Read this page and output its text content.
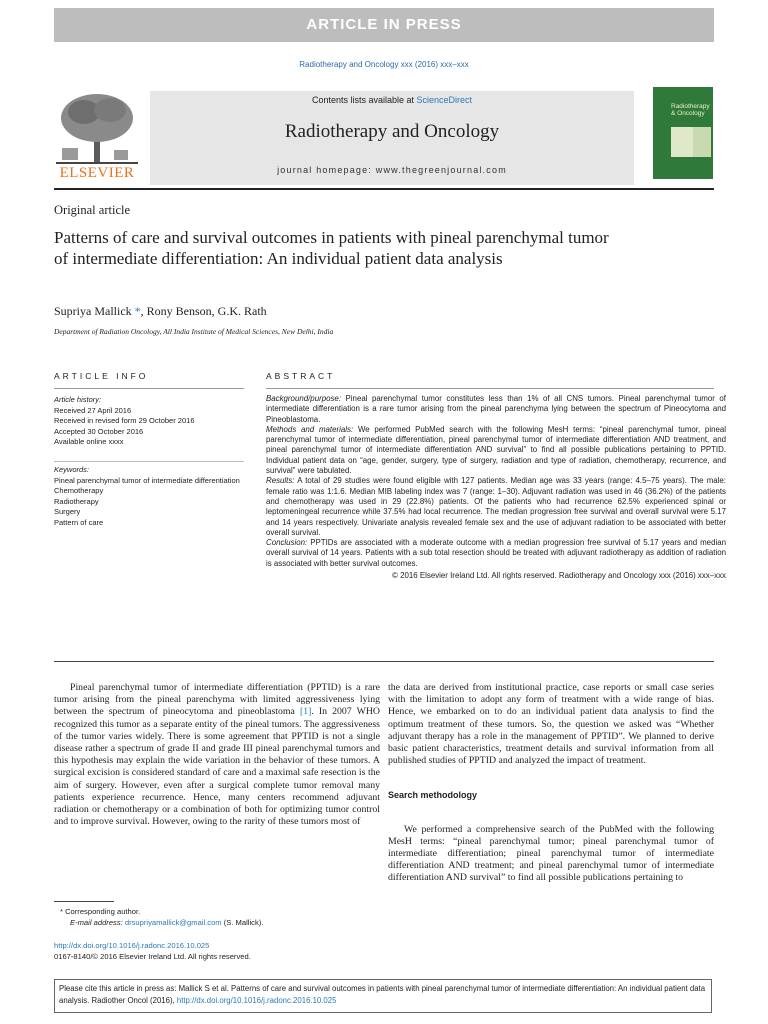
ARTICLE IN PRESS
Radiotherapy and Oncology xxx (2016) xxx–xxx
ELSEVIER
Contents lists available at ScienceDirect
Radiotherapy and Oncology
journal homepage: www.thegreenjournal.com
Radiotherapy & Oncology
Original article
Patterns of care and survival outcomes in patients with pineal parenchymal tumor of intermediate differentiation: An individual patient data analysis
Supriya Mallick *, Rony Benson, G.K. Rath
Department of Radiation Oncology, All India Institute of Medical Sciences, New Delhi, India
ARTICLE INFO	ABSTRACT
Article history:
Received 27 April 2016
Received in revised form 29 October 2016
Accepted 30 October 2016
Available online xxxx
Keywords:
Pineal parenchymal tumor of intermediate differentiation
Chemotherapy
Radiotherapy
Surgery
Pattern of care

Background/purpose: Pineal parenchymal tumor constitutes less than 1% of all CNS tumors. Pineal parenchymal tumor of intermediate differentiation is a rare tumor arising from the pineal parenchyma lying between the spectrum of Pineocytoma and Pineoblastoma.

Methods and materials: We performed PubMed search with the following MesH terms: “pineal parenchymal tumor, pineal parenchymal tumor of intermediate differentiation, pineal parenchymal tumor of intermediate differentiation AND treatment, and pineal parenchymal tumor of intermediate differentiation AND survival” to find all possible publications pertaining to PPTID. Individual patient data on “age, gender, surgery, type of surgery, radiation and type of radiation, chemotherapy, recurrence, and survival” were tabulated.

Results: A total of 29 studies were found eligible with 127 patients. Median age was 33 years (range: 4.5–75 years). The male: female ratio was 1:1.6. Median MIB labeling index was 7 (range: 1–30). Adjuvant radiation was used in 46 (36.2%) of the patients and chemotherapy was used in 29 (22.8%) patients. Of the patients who had recurrence 62.5% experienced spinal or leptomeningeal recurrence while 37.5% had local recurrence. The median progression free survival and overall survival were 5.17 and 14 years respectively. Univariate analysis revealed female sex and the use of adjuvant radiation to be associated with better overall survival.

Conclusion: PPTIDs are associated with a moderate outcome with a median progression free survival of 5.17 years and median overall survival of 14 years. Patients with a sub total resection should be treated with adjuvant radiotherapy as addition of radiation is associated with better survival outcomes.

© 2016 Elsevier Ireland Ltd. All rights reserved. Radiotherapy and Oncology xxx (2016) xxx–xxx

Pineal parenchymal tumor of intermediate differentiation (PPTID) is a rare tumor arising from the pineal parenchyma with limited aggressiveness lying between the spectrum of pineocytoma and pineoblastoma [1]. In 2007 WHO recognized this tumor as a separate entity of the pineal tumors. The aggressiveness of the tumor varies widely. There is some agreement that PPTID is not a single disease rather a spectrum of grade II and grade III pineal parenchymal tumors and this hypothesis may explain the wide variation in the behavior of these tumors. A surgical excision is considered standard of care and a maximal safe resection is the aim of surgery. However, even after a surgical complete tumor removal many patients experience recurrence. Hence, many centers recommend adjuvant radiation or chemotherapy or a combination of both for optimizing tumor control and to improve survival. However, owing to the rarity of these tumors most of

the data are derived from institutional practice, case reports or small case series with the limitation to adopt any form of treatment with a wide range of bias. Hence, we embarked on to do an individual patient data analysis to find the optimum treatment of these tumors. So, the question we asked was “Whether adjuvant therapy has a role in the management of PPTID”. We planned to derive basic patient characteristics, treatment details and survival information from all published studies of PPTID and analyzed the impact of treatment.

Search methodology

We performed a comprehensive search of the PubMed with the following MesH terms: “pineal parenchymal tumor; pineal parenchymal tumor of intermediate differentiation; pineal parenchymal tumor of intermediate differentiation AND treatment; and pineal parenchymal tumor of intermediate differentiation AND survival” to find all possible publications pertaining to

* Corresponding author.
E-mail address: drsupriyamallick@gmail.com (S. Mallick).
http://dx.doi.org/10.1016/j.radonc.2016.10.025
0167-8140/© 2016 Elsevier Ireland Ltd. All rights reserved.
Please cite this article in press as: Mallick S et al. Patterns of care and survival outcomes in patients with pineal parenchymal tumor of intermediate differentiation: An individual patient data analysis. Radiother Oncol (2016), http://dx.doi.org/10.1016/j.radonc.2016.10.025
